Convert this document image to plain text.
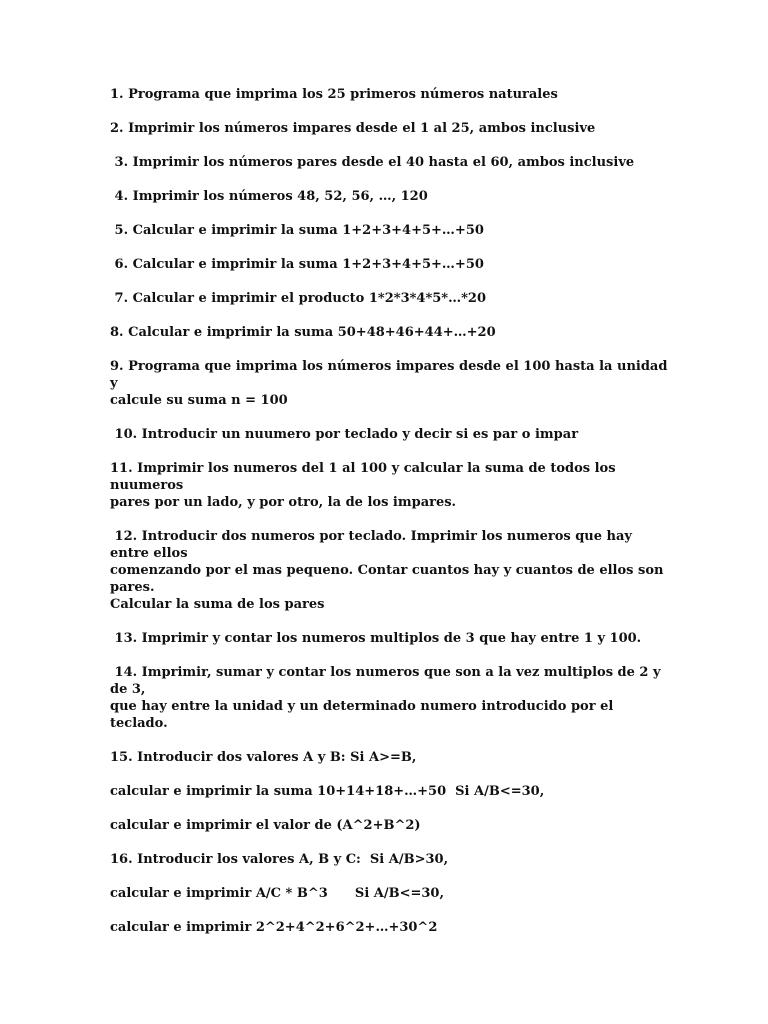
1. Programa que imprima los 25 primeros números naturales

2. Imprimir los números impares desde el 1 al 25, ambos inclusive

3. Imprimir los números pares desde el 40 hasta el 60, ambos inclusive

4. Imprimir los números 48, 52, 56, …, 120

5. Calcular e imprimir la suma 1+2+3+4+5+…+50

6. Calcular e imprimir la suma 1+2+3+4+5+…+50

7. Calcular e imprimir el producto 1*2*3*4*5*…*20

8. Calcular e imprimir la suma 50+48+46+44+…+20

9. Programa que imprima los números impares desde el 100 hasta la unidad y
calcule su suma n = 100

10. Introducir un nuumero por teclado y decir si es par o impar

11. Imprimir los numeros del 1 al 100 y calcular la suma de todos los nuumeros
pares por un lado, y por otro, la de los impares.

12. Introducir dos numeros por teclado. Imprimir los numeros que hay entre ellos
comenzando por el mas pequeno. Contar cuantos hay y cuantos de ellos son pares.
Calcular la suma de los pares

13. Imprimir y contar los numeros multiplos de 3 que hay entre 1 y 100.

14. Imprimir, sumar y contar los numeros que son a la vez multiplos de 2 y de 3,
que hay entre la unidad y un determinado numero introducido por el teclado.

15. Introducir dos valores A y B: Si A>=B,

calcular e imprimir la suma 10+14+18+…+50  Si A/B<=30,

calcular e imprimir el valor de (A^2+B^2)

16. Introducir los valores A, B y C:  Si A/B>30,

calcular e imprimir A/C * B^3      Si A/B<=30,

calcular e imprimir 2^2+4^2+6^2+…+30^2
